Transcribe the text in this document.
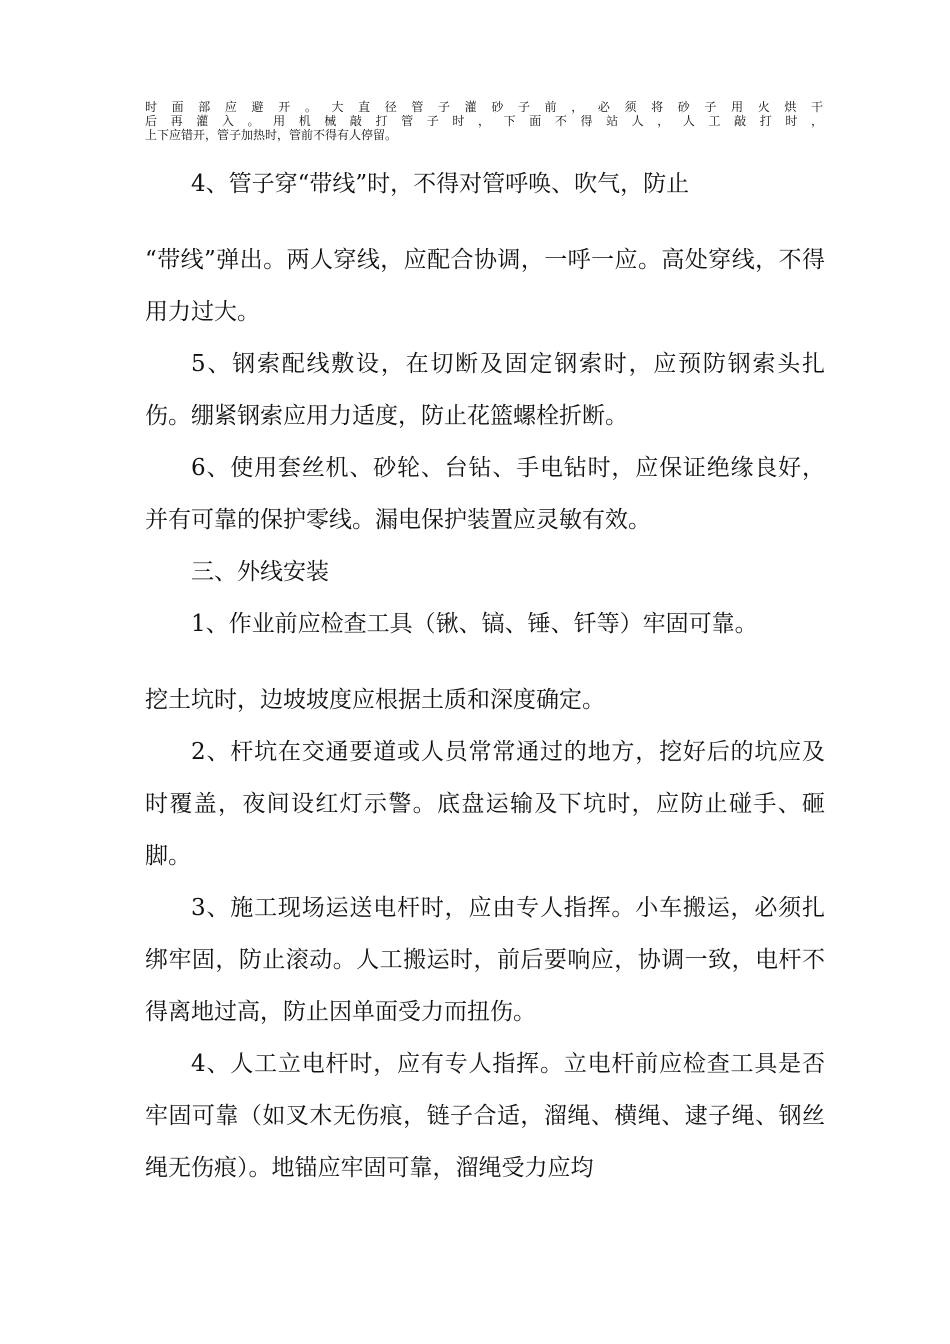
时 面 部 应 避 开 。 大 直 径 管 子 灌 砂 子 前 ， 必 须 将 砂 子 用 火 烘 干
后 再 灌 入 。 用 机 械 敲 打 管 子 时 ， 下 面 不 得 站 人 ， 人 工 敲 打 时 ，
上下应错开，管子加热时，管前不得有人停留。

4、管子穿“带线”时，不得对管呼唤、吹气，防止

“带线”弹出。两人穿线，应配合协调，一呼一应。高处穿线，不得用力过大。

5、钢索配线敷设，在切断及固定钢索时，应预防钢索头扎伤。绷紧钢索应用力适度，防止花篮螺栓折断。

6、使用套丝机、砂轮、台钻、手电钻时，应保证绝缘良好，并有可靠的保护零线。漏电保护装置应灵敏有效。

三、外线安装

1、作业前应检查工具（锹、镐、锤、钎等）牢固可靠。

挖土坑时，边坡坡度应根据土质和深度确定。

2、杆坑在交通要道或人员常常通过的地方，挖好后的坑应及时覆盖，夜间设红灯示警。底盘运输及下坑时，应防止碰手、砸脚。

3、施工现场运送电杆时，应由专人指挥。小车搬运，必须扎绑牢固，防止滚动。人工搬运时，前后要响应，协调一致，电杆不得离地过高，防止因单面受力而扭伤。

4、人工立电杆时，应有专人指挥。立电杆前应检查工具是否牢固可靠（如叉木无伤痕，链子合适，溜绳、横绳、逮子绳、钢丝绳无伤痕）。地锚应牢固可靠，溜绳受力应均
